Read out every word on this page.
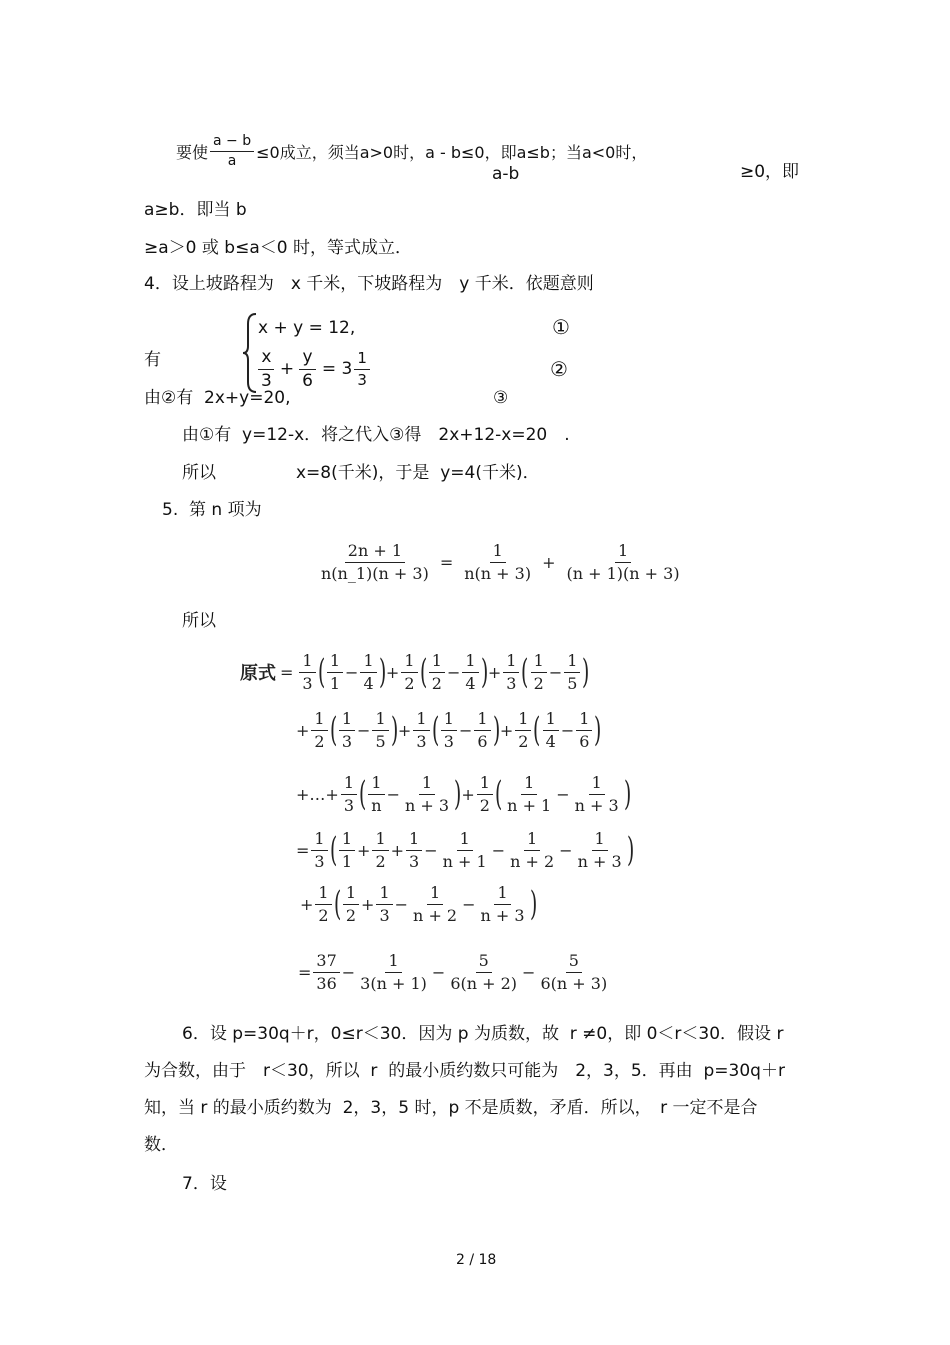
要使 $\frac{a - b}{a} \le 0$成立，须当a>0时，a - b≤0，即a≤b；当a<0时，
a-b	≥0，即
a≥b．即当 b
≥a＞0 或 b≤a＜0 时，等式成立．
4．设上坡路程为　x 千米，下坡路程为　y 千米．依题意则
有
x + y = 12,
$\frac{x}{3} + \frac{y}{6} = 3 \frac{1}{3}$
①
②
由②有  2x+y=20,	③
由①有  y=12-x．将之代入③得　2x+12-x=20　.
所以	x=8(千米)，于是  y=4(千米)．
5.  第 n 项为
$\frac{2n + 1}{n(n\_1)(n + 3)} = \frac{1}{n(n + 3)} + \frac{1}{(n + 1)(n + 3)}$
所以
原式 = $\frac{1}{3}$ ( $\frac{1}{1} - \frac{1}{4}$ ) + $\frac{1}{2}$ ( $\frac{1}{2} - \frac{1}{4}$ ) + $\frac{1}{3}$ ( $\frac{1}{2} - \frac{1}{5}$ )
+ $\frac{1}{2}$ ( $\frac{1}{3} - \frac{1}{5}$ ) + $\frac{1}{3}$ ( $\frac{1}{3} - \frac{1}{6}$ ) + $\frac{1}{2}$ ( $\frac{1}{4} - \frac{1}{6}$ )
+…+ $\frac{1}{3}$ ( $\frac{1}{n} - \frac{1}{n + 3}$ ) + $\frac{1}{2}$ ( $\frac{1}{n + 1} - \frac{1}{n + 3}$ )
= $\frac{1}{3}$ ( $\frac{1}{1} + \frac{1}{2} + \frac{1}{3} - \frac{1}{n + 1} - \frac{1}{n + 2} - \frac{1}{n + 3}$ )
+ $\frac{1}{2}$ ( $\frac{1}{2} + \frac{1}{3} - \frac{1}{n + 2} - \frac{1}{n + 3}$ )
= $\frac{37}{36} - \frac{1}{3(n + 1)} - \frac{5}{6(n + 2)} - \frac{5}{6(n + 3)}$
6．设 p=30q＋r，0≤r＜30．因为 p 为质数，故  r ≠0，即 0＜r＜30．假设 r
为合数，由于　r＜30，所以  r  的最小质约数只可能为　2，3，5．再由  p=30q＋r
知，当 r 的最小质约数为  2，3，5 时，p 不是质数，矛盾．所以，　r 一定不是合
数．
7．设
2 / 18
